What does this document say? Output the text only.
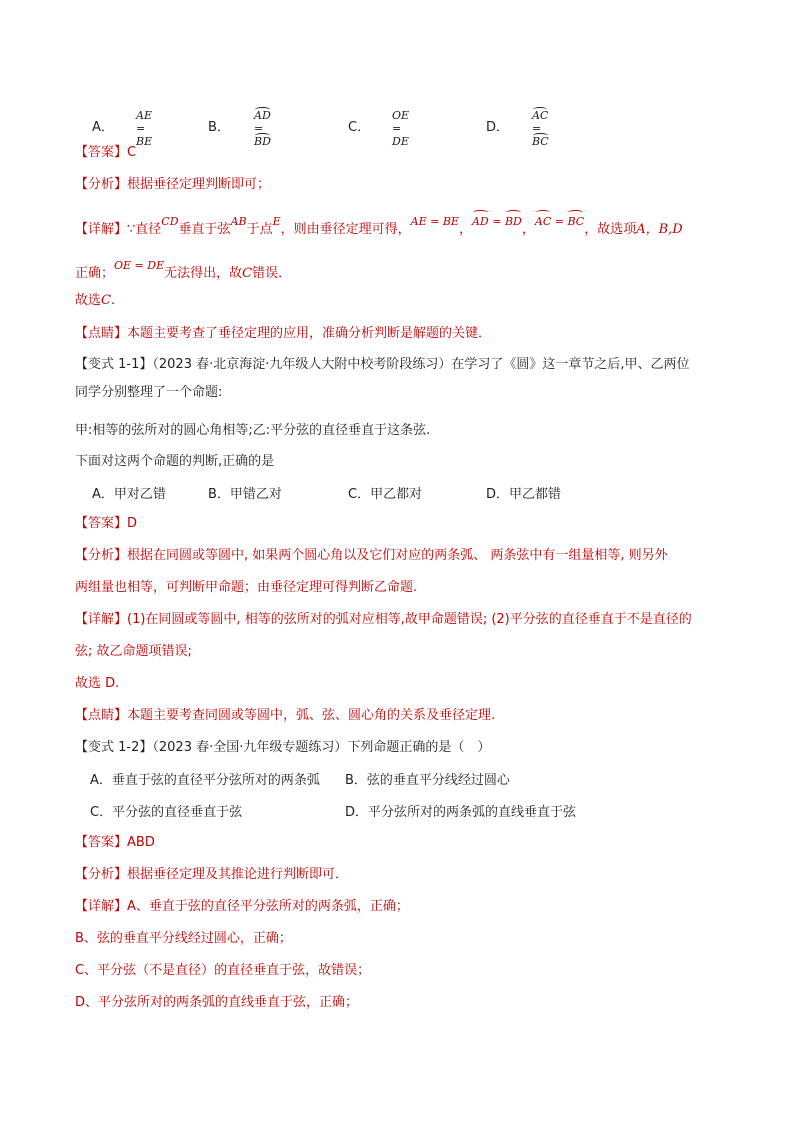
A．
AE = BE
B．
AD = BD
C．
OE = DE
D．
AC = BC
【答案】C
【分析】根据垂径定理判断即可；
【详解】∵直径$^{CD}$垂直于弦$^{AB}$于点$^E$，则由垂径定理可得，$^{AE = BE}$，$^{AD = BD}$，$^{AC = BC}$，故选项A，B,D
正确；$^{OE = DE}$无法得出，故C错误．
故选C.
【点睛】本题主要考查了垂径定理的应用，准确分析判断是解题的关键．
【变式 1-1】（2023 春·北京海淀·九年级人大附中校考阶段练习）在学习了《圆》这一章节之后,甲、乙两位
同学分别整理了一个命题:
甲:相等的弦所对的圆心角相等;乙:平分弦的直径垂直于这条弦.
下面对这两个命题的判断,正确的是
A．甲对乙错	B．甲错乙对	C．甲乙都对	D．甲乙都错
【答案】D
【分析】根据在同圆或等圆中, 如果两个圆心角以及它们对应的两条弧、 两条弦中有一组量相等, 则另外
两组量也相等，可判断甲命题；由垂径定理可得判断乙命题.
【详解】(1)在同圆或等圆中, 相等的弦所对的弧对应相等,故甲命题错误; (2)平分弦的直径垂直于不是直径的
弦; 故乙命题项错误;
故选 D.
【点睛】本题主要考查同圆或等圆中，弧、弦、圆心角的关系及垂径定理.
【变式 1-2】（2023 春·全国·九年级专题练习）下列命题正确的是（　）
A．垂直于弦的直径平分弦所对的两条弧 B．弦的垂直平分线经过圆心
C．平分弦的直径垂直于弦	D．平分弦所对的两条弧的直线垂直于弦
【答案】ABD
【分析】根据垂径定理及其推论进行判断即可．
【详解】A、垂直于弦的直径平分弦所对的两条弧，正确；
B、弦的垂直平分线经过圆心，正确；
C、平分弦（不是直径）的直径垂直于弦，故错误；
D、平分弦所对的两条弧的直线垂直于弦，正确；
